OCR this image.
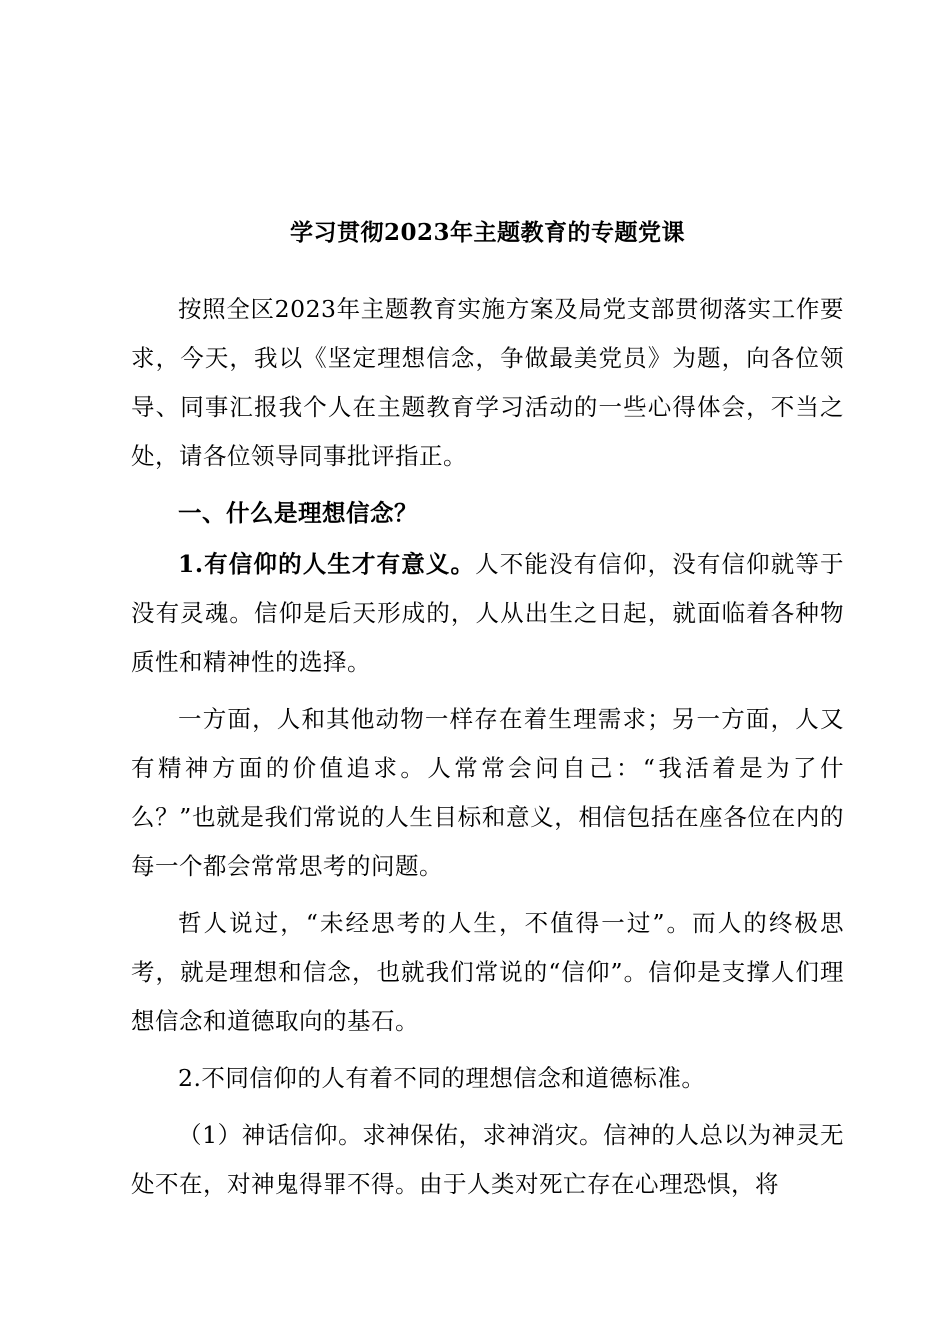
学习贯彻2023年主题教育的专题党课

按照全区2023年主题教育实施方案及局党支部贯彻落实工作要求，今天，我以《坚定理想信念，争做最美党员》为题，向各位领导、同事汇报我个人在主题教育学习活动的一些心得体会，不当之处，请各位领导同事批评指正。

一、什么是理想信念？

1.有信仰的人生才有意义。人不能没有信仰，没有信仰就等于没有灵魂。信仰是后天形成的，人从出生之日起，就面临着各种物质性和精神性的选择。

一方面，人和其他动物一样存在着生理需求；另一方面，人又有精神方面的价值追求。人常常会问自己：“我活着是为了什么？”也就是我们常说的人生目标和意义，相信包括在座各位在内的每一个都会常常思考的问题。

哲人说过，“未经思考的人生，不值得一过”。而人的终极思考，就是理想和信念，也就我们常说的“信仰”。信仰是支撑人们理想信念和道德取向的基石。

2.不同信仰的人有着不同的理想信念和道德标准。

（1）神话信仰。求神保佑，求神消灾。信神的人总以为神灵无处不在，对神鬼得罪不得。由于人类对死亡存在心理恐惧，将
